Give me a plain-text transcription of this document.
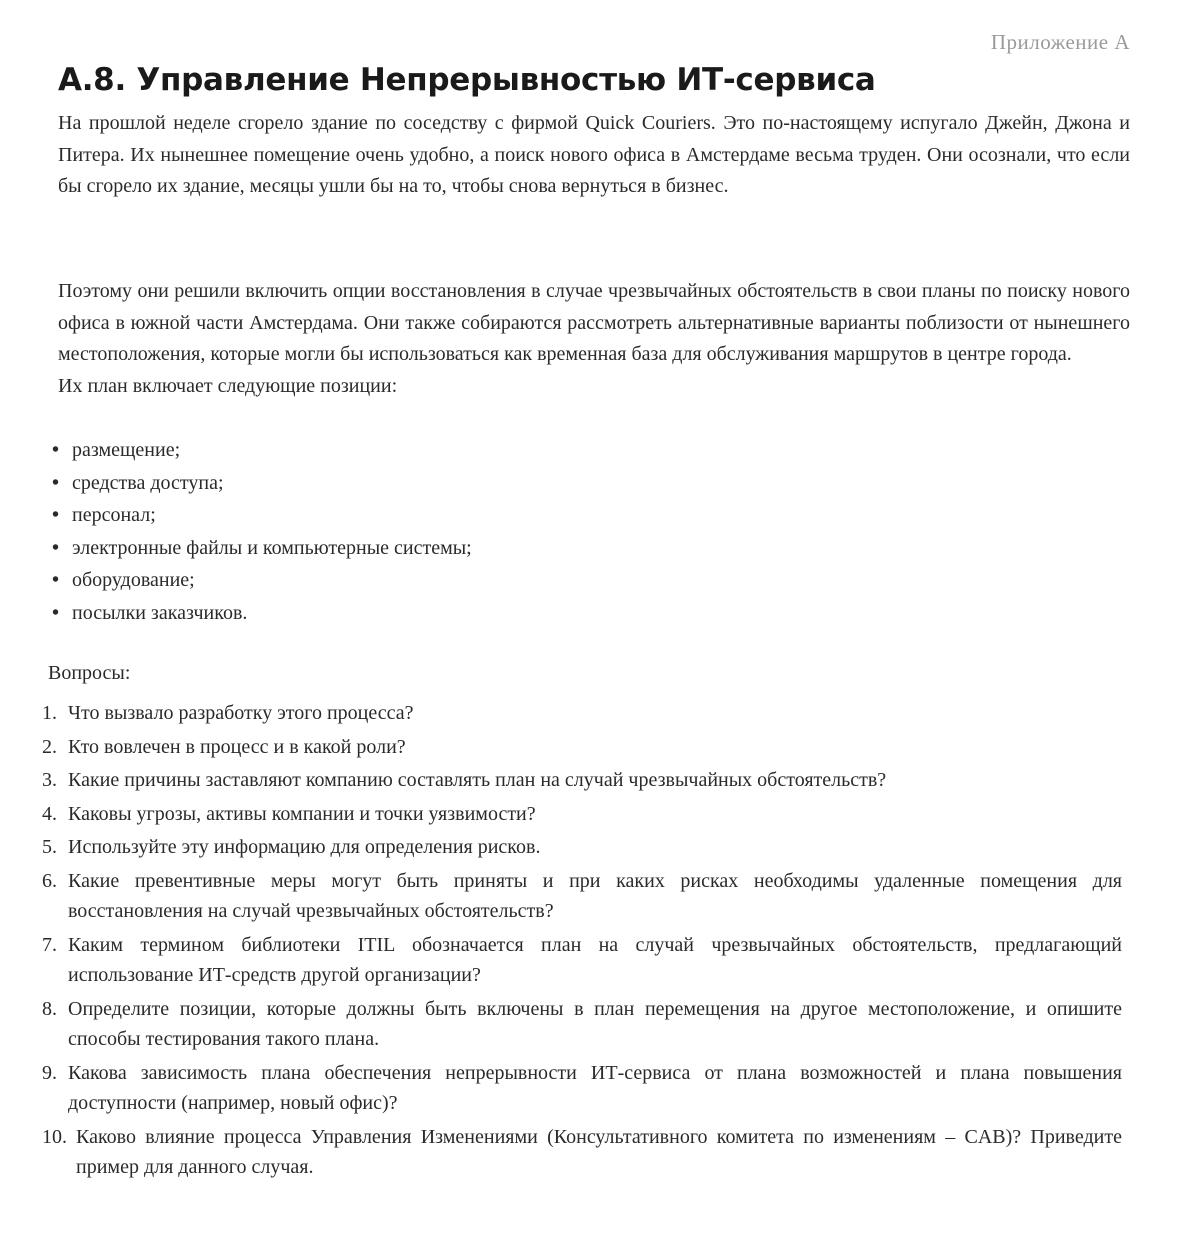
Приложение А
А.8. Управление Непрерывностью ИТ-сервиса

На прошлой неделе сгорело здание по соседству с фирмой Quick Couriers. Это по-настоящему испугало Джейн, Джона и Питера. Их нынешнее помещение очень удобно, а поиск нового офиса в Амстердаме весьма труден. Они осознали, что если бы сгорело их здание, месяцы ушли бы на то, чтобы снова вернуться в бизнес.

Поэтому они решили включить опции восстановления в случае чрезвычайных обстоятельств в свои планы по поиску нового офиса в южной части Амстердама. Они также собираются рассмотреть альтернативные варианты поблизости от нынешнего местоположения, которые могли бы использоваться как временная база для обслуживания маршрутов в центре города.
Их план включает следующие позиции:
• размещение;
• средства доступа;
• персонал;
• электронные файлы и компьютерные системы;
• оборудование;
• посылки заказчиков.
Вопросы:
1. Что вызвало разработку этого процесса?
2. Кто вовлечен в процесс и в какой роли?
3. Какие причины заставляют компанию составлять план на случай чрезвычайных обстоятельств?
4. Каковы угрозы, активы компании и точки уязвимости?
5. Используйте эту информацию для определения рисков.
6. Какие превентивные меры могут быть приняты и при каких рисках необходимы удаленные помещения для восстановления на случай чрезвычайных обстоятельств?
7. Каким термином библиотеки ITIL обозначается план на случай чрезвычайных обстоятельств, предлагающий использование ИТ-средств другой организации?
8. Определите позиции, которые должны быть включены в план перемещения на другое местоположение, и опишите способы тестирования такого плана.
9. Какова зависимость плана обеспечения непрерывности ИТ-сервиса от плана возможностей и плана повышения доступности (например, новый офис)?
10. Каково влияние процесса Управления Изменениями (Консультативного комитета по изменениям – CAB)? Приведите пример для данного случая.
